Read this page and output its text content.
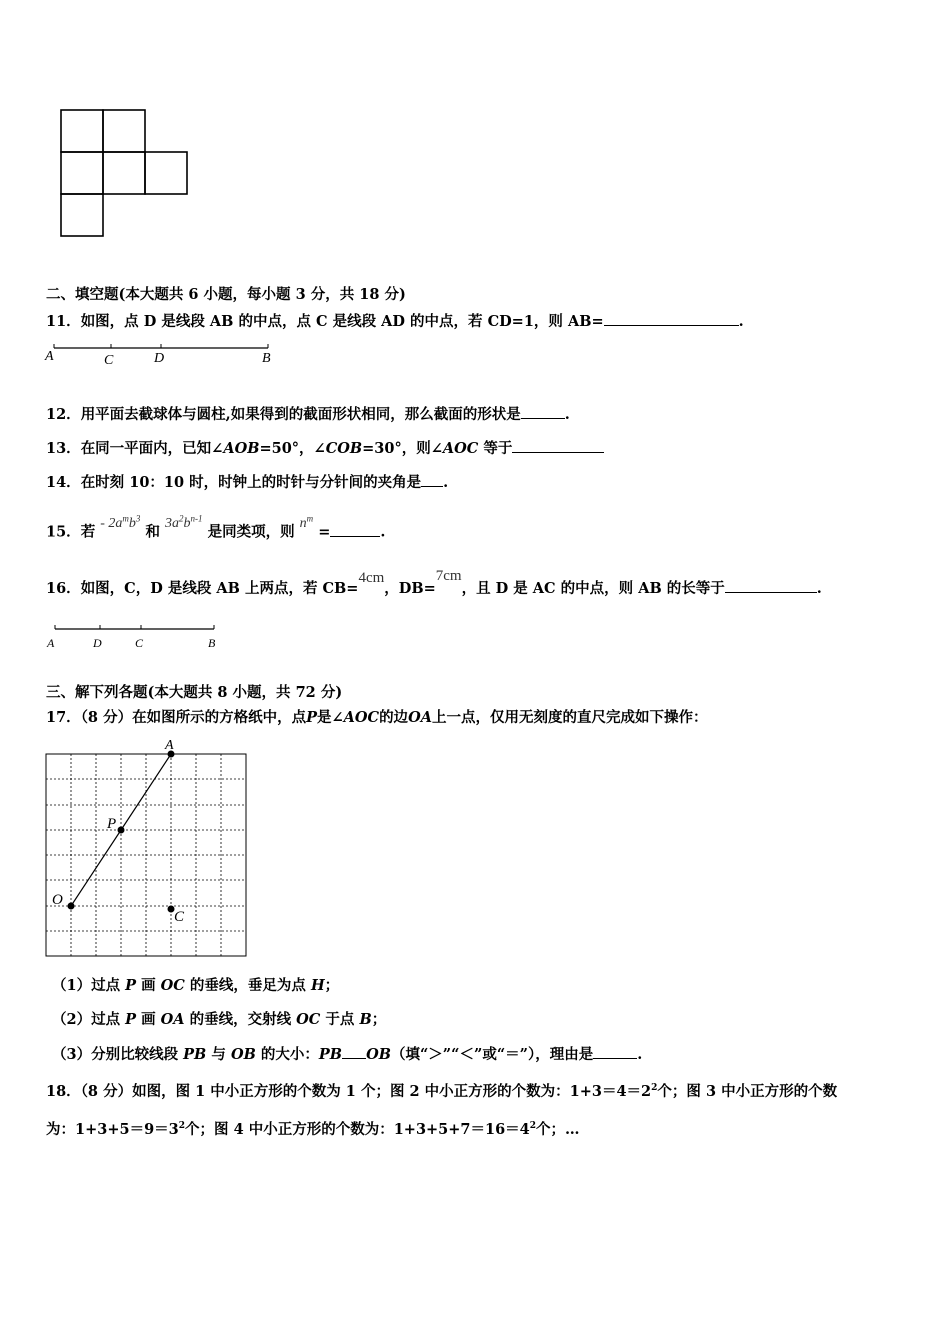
二、填空题(本大题共 6 小题，每小题 3 分，共 18 分)
11．如图，点 D 是线段 AB 的中点，点 C 是线段 AD 的中点，若 CD=1，则 AB=	.
A	C	D	B
12．用平面去截球体与圆柱,如果得到的截面形状相同，那么截面的形状是	.
13．在同一平面内，已知∠AOB=50°，∠COB=30°，则∠AOC 等于
14．在时刻 10：10 时，时钟上的时针与分针间的夹角是 .
15．若 - $2a^mb^3$ 和 $3a^2b^{n-1}$ 是同类项，则 $n^m$ =	.
16．如图，C，D 是线段 AB 上两点，若 CB=4cm，DB=7cm，且 D 是 AC 的中点，则 AB 的长等于	.
A	D	C	B
三、解下列各题(本大题共 8 小题，共 72 分)
17．（8 分）在如图所示的方格纸中，点P是∠AOC的边OA上一点，仅用无刻度的直尺完成如下操作：
A
P
O
C
（1）过点 P 画 OC 的垂线，垂足为点 H；
（2）过点 P 画 OA 的垂线，交射线 OC 于点 B；
（3）分别比较线段 PB 与 OB 的大小：PB OB（填“＞”“＜”或“＝”），理由是	.
18．（8 分）如图，图 1 中小正方形的个数为 1 个；图 2 中小正方形的个数为：$1+3=4=2^2$个；图 3 中小正方形的个数
为：$1+3+5=9=3^2$个；图 4 中小正方形的个数为：$1+3+5+7=16=4^2$个；…
